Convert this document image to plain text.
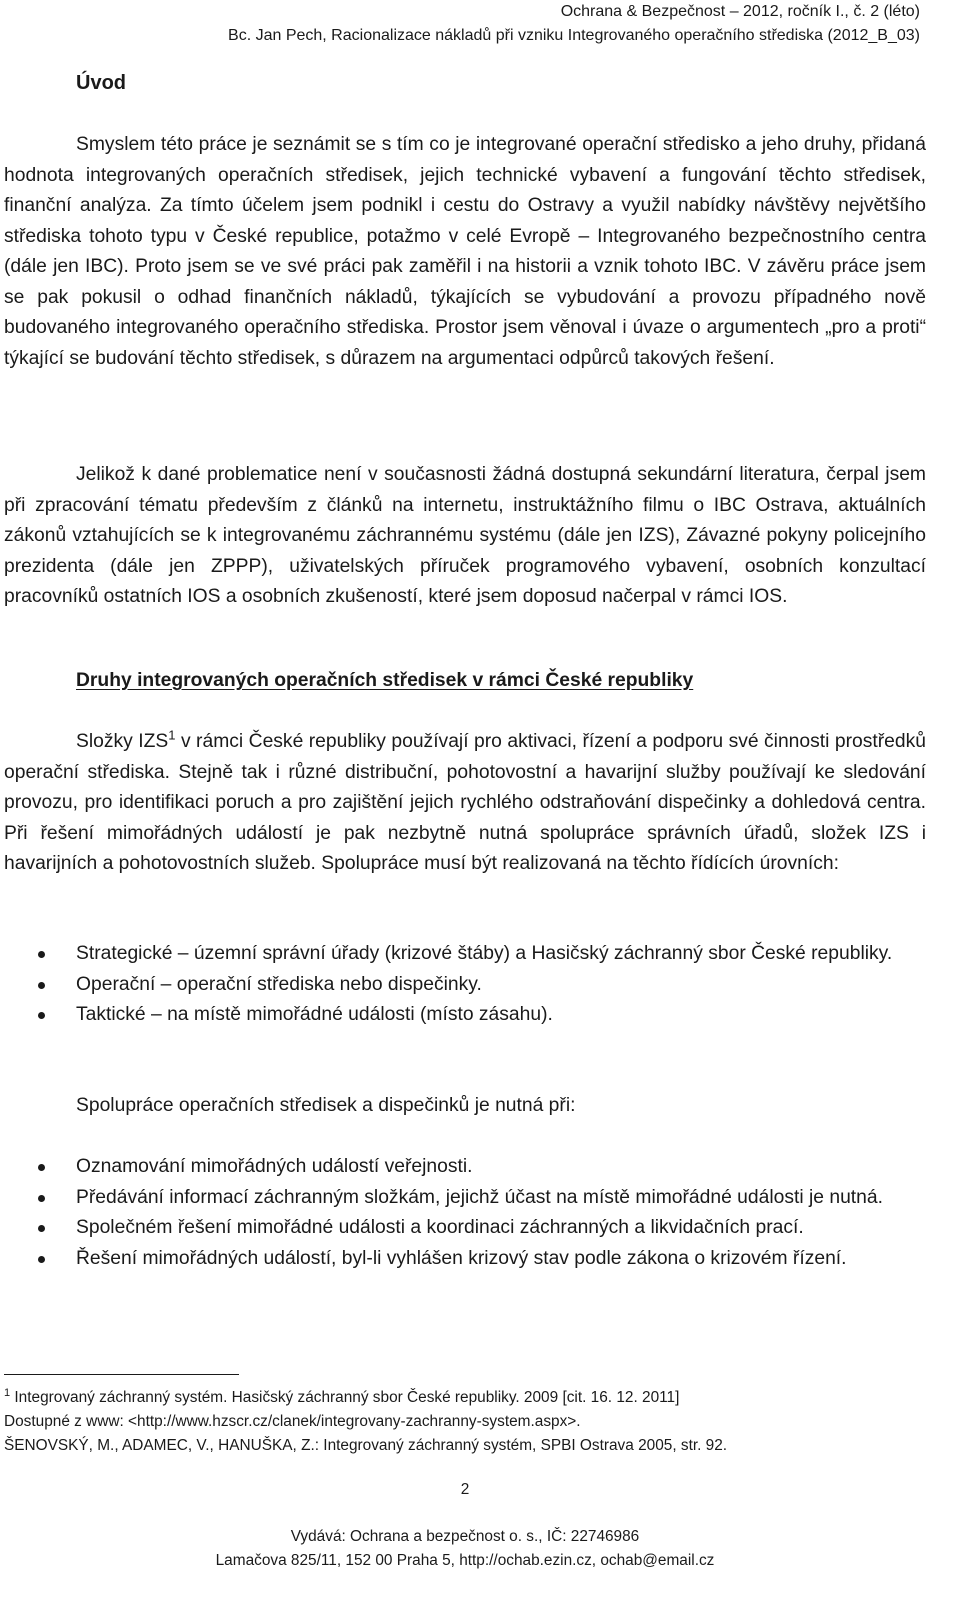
Ochrana & Bezpečnost – 2012, ročník I., č. 2 (léto)
Bc. Jan Pech, Racionalizace nákladů při vzniku Integrovaného operačního střediska (2012_B_03)
Úvod

Smyslem této práce je seznámit se s tím co je integrované operační středisko a jeho druhy, přidaná hodnota integrovaných operačních středisek, jejich technické vybavení a fungování těchto středisek, finanční analýza. Za tímto účelem jsem podnikl i cestu do Ostravy a využil nabídky návštěvy největšího střediska tohoto typu v České republice, potažmo v celé Evropě – Integrovaného bezpečnostního centra (dále jen IBC). Proto jsem se ve své práci pak zaměřil i na historii a vznik tohoto IBC. V závěru práce jsem se pak pokusil o odhad finančních nákladů, týkajících se vybudování a provozu případného nově budovaného integrovaného operačního střediska. Prostor jsem věnoval i úvaze o argumentech „pro a proti“ týkající se budování těchto středisek, s důrazem na argumentaci odpůrců takových řešení.

Jelikož k dané problematice není v současnosti žádná dostupná sekundární literatura, čerpal jsem při zpracování tématu především z článků na internetu, instruktážního filmu o IBC Ostrava, aktuálních zákonů vztahujících se k integrovanému záchrannému systému (dále jen IZS), Závazné pokyny policejního prezidenta (dále jen ZPPP), uživatelských příruček programového vybavení, osobních konzultací pracovníků ostatních IOS a osobních zkušeností, které jsem doposud načerpal v rámci IOS.

Druhy integrovaných operačních středisek v rámci České republiky

Složky IZS$^1$ v rámci České republiky používají pro aktivaci, řízení a podporu své činnosti prostředků operační střediska. Stejně tak i různé distribuční, pohotovostní a havarijní služby používají ke sledování provozu, pro identifikaci poruch a pro zajištění jejich rychlého odstraňování dispečinky a dohledová centra. Při řešení mimořádných událostí je pak nezbytně nutná spolupráce správních úřadů, složek IZS i havarijních a pohotovostních služeb. Spolupráce musí být realizovaná na těchto řídících úrovních:

Strategické – územní správní úřady (krizové štáby) a Hasičský záchranný sbor České republiky.
Operační – operační střediska nebo dispečinky.
Taktické – na místě mimořádné události (místo zásahu).

Spolupráce operačních středisek a dispečinků je nutná při:

Oznamování mimořádných událostí veřejnosti.
Předávání informací záchranným složkám, jejichž účast na místě mimořádné události je nutná.
Společném řešení mimořádné události a koordinaci záchranných a likvidačních prací.
Řešení mimořádných událostí, byl-li vyhlášen krizový stav podle zákona o krizovém řízení.

$^1$ Integrovaný záchranný systém. Hasičský záchranný sbor České republiky. 2009 [cit. 16. 12. 2011]

Dostupné z www: <http://www.hzscr.cz/clanek/integrovany-zachranny-system.aspx>.

ŠENOVSKÝ, M., ADAMEC, V., HANUŠKA, Z.: Integrovaný záchranný systém, SPBI Ostrava 2005, str. 92.

2
Vydává: Ochrana a bezpečnost o. s., IČ: 22746986
Lamačova 825/11, 152 00 Praha 5, http://ochab.ezin.cz, ochab@email.cz
